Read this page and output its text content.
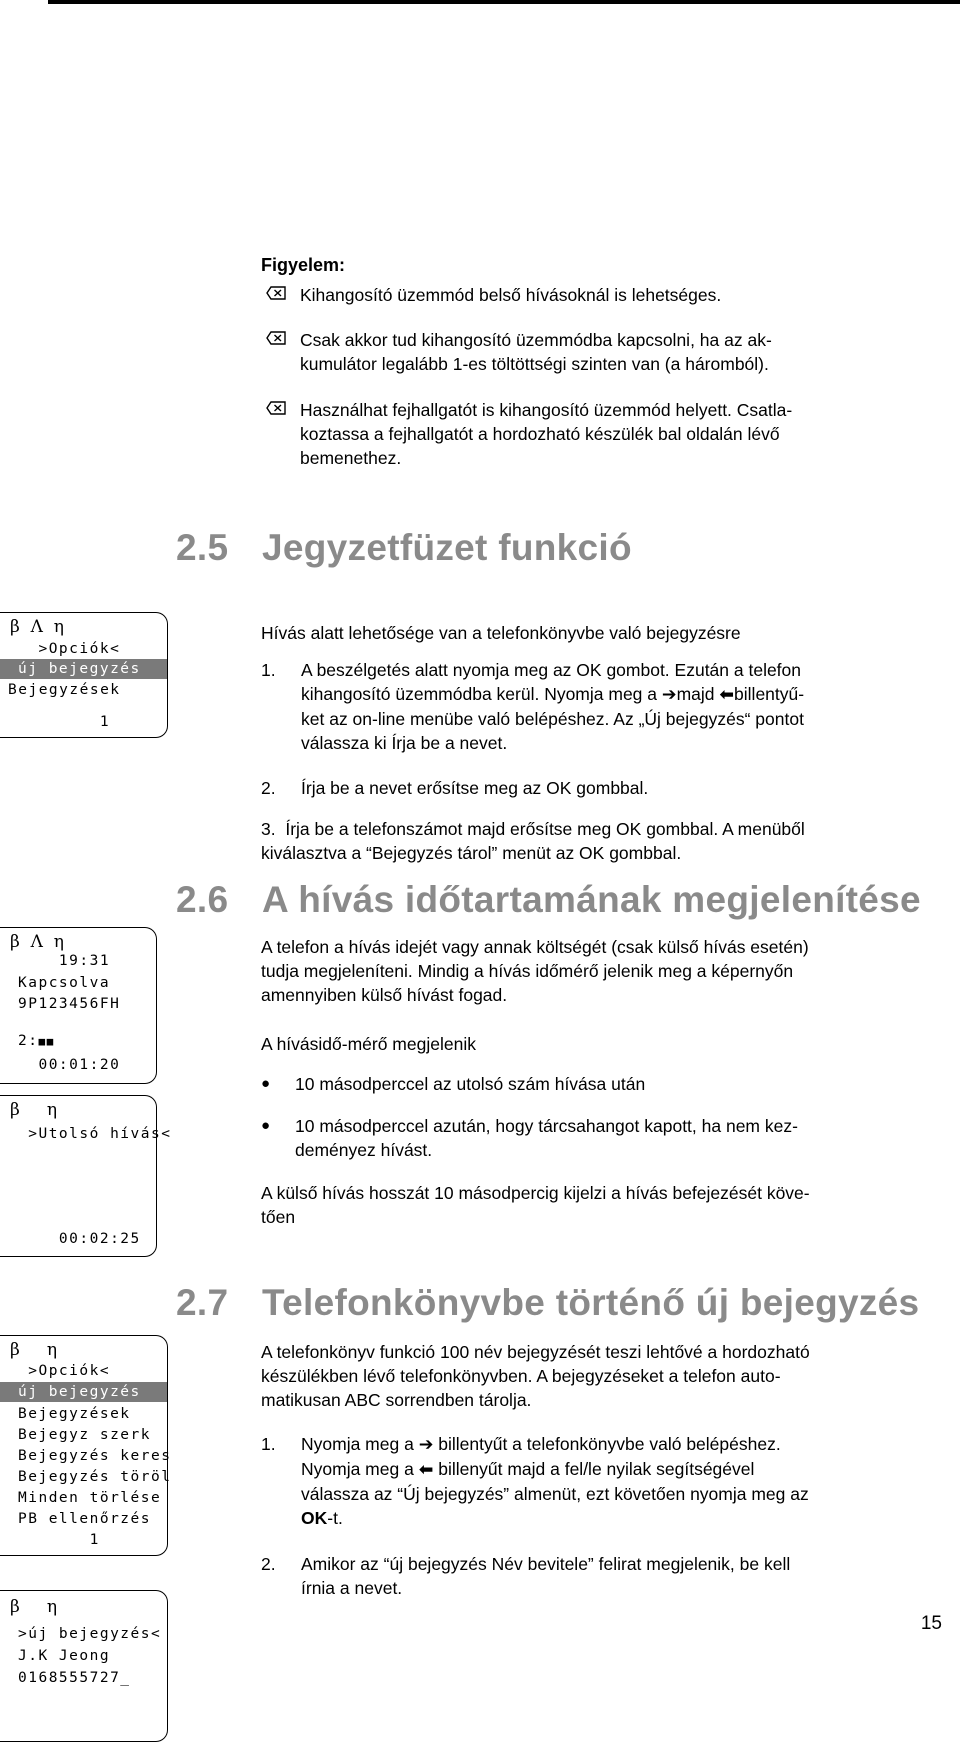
Figyelem:
Kihangosító üzemmód belső hívásoknál is lehetséges.
Csak akkor tud kihangosító üzemmódba kapcsolni, ha az ak-
kumulátor legalább 1-es töltöttségi szinten van (a háromból).
Használhat fejhallgatót is kihangosító üzemmód helyett. Csatla-
koztassa a fejhallgatót a hordozható készülék bal oldalán lévő
bemenethez.
2.5 Jegyzetfüzet funkció
Hívás alatt lehetősége van a telefonkönyvbe való bejegyzésre
1. A beszélgetés alatt nyomja meg az OK gombot. Ezután a telefon
kihangosító üzemmódba kerül. Nyomja meg a ➔majd ⬅billentyű-
ket az on-line menübe való belépéshez. Az „Új bejegyzés“ pontot
válassza ki Írja be a nevet.
2. Írja be a nevet erősítse meg az OK gombbal.
3. Írja be a telefonszámot majd erősítse meg OK gombbal. A menüből
kiválasztva a “Bejegyzés tárol” menüt az OK gombbal.
2.6 A hívás időtartamának megjelenítése
A telefon a hívás idejét vagy annak költségét (csak külső hívás esetén)
tudja megjeleníteni. Mindig a hívás időmérő jelenik meg a képernyőn
amennyiben külső hívást fogad.
A hívásidő-mérő megjelenik
● 10 másodperccel az utolsó szám hívása után
● 10 másodperccel azután, hogy tárcsahangot kapott, ha nem kez-
deményez hívást.
A külső hívás hosszát 10 másodpercig kijelzi a hívás befejezését köve-
tően
2.7 Telefonkönyvbe történő új bejegyzés
A telefonkönyv funkció 100 név bejegyzését teszi lehtővé a hordozható
készülékben lévő telefonkönyvben. A bejegyzéseket a telefon auto-
matikusan ABC sorrendben tárolja.
1. Nyomja meg a ➔ billentyűt a telefonkönyvbe való belépéshez.
Nyomja meg a ⬅ billenyűt majd a fel/le nyilak segítségével
válassza az “Új bejegyzés” almenüt, ezt követően nyomja meg az
OK-t.
2. Amikor az “új bejegyzés Név bevitele” felirat megjelenik, be kell
írnia a nevet.
15
β  Λ  η
>Opciók<
új bejegyzés
Bejegyzések
1
β  Λ  η
19:31
Kapcsolva
9P123456FH
2:■■
00:01:20
β     η
>Utolsó hívás<
00:02:25
β     η
>Opciók<
új bejegyzés
Bejegyzések
Bejegyz szerk
Bejegyzés keres
Bejegyzés töröl
Minden törlése
PB ellenőrzés
1
β     η
>új bejegyzés<
J.K Jeong
0168555727_
